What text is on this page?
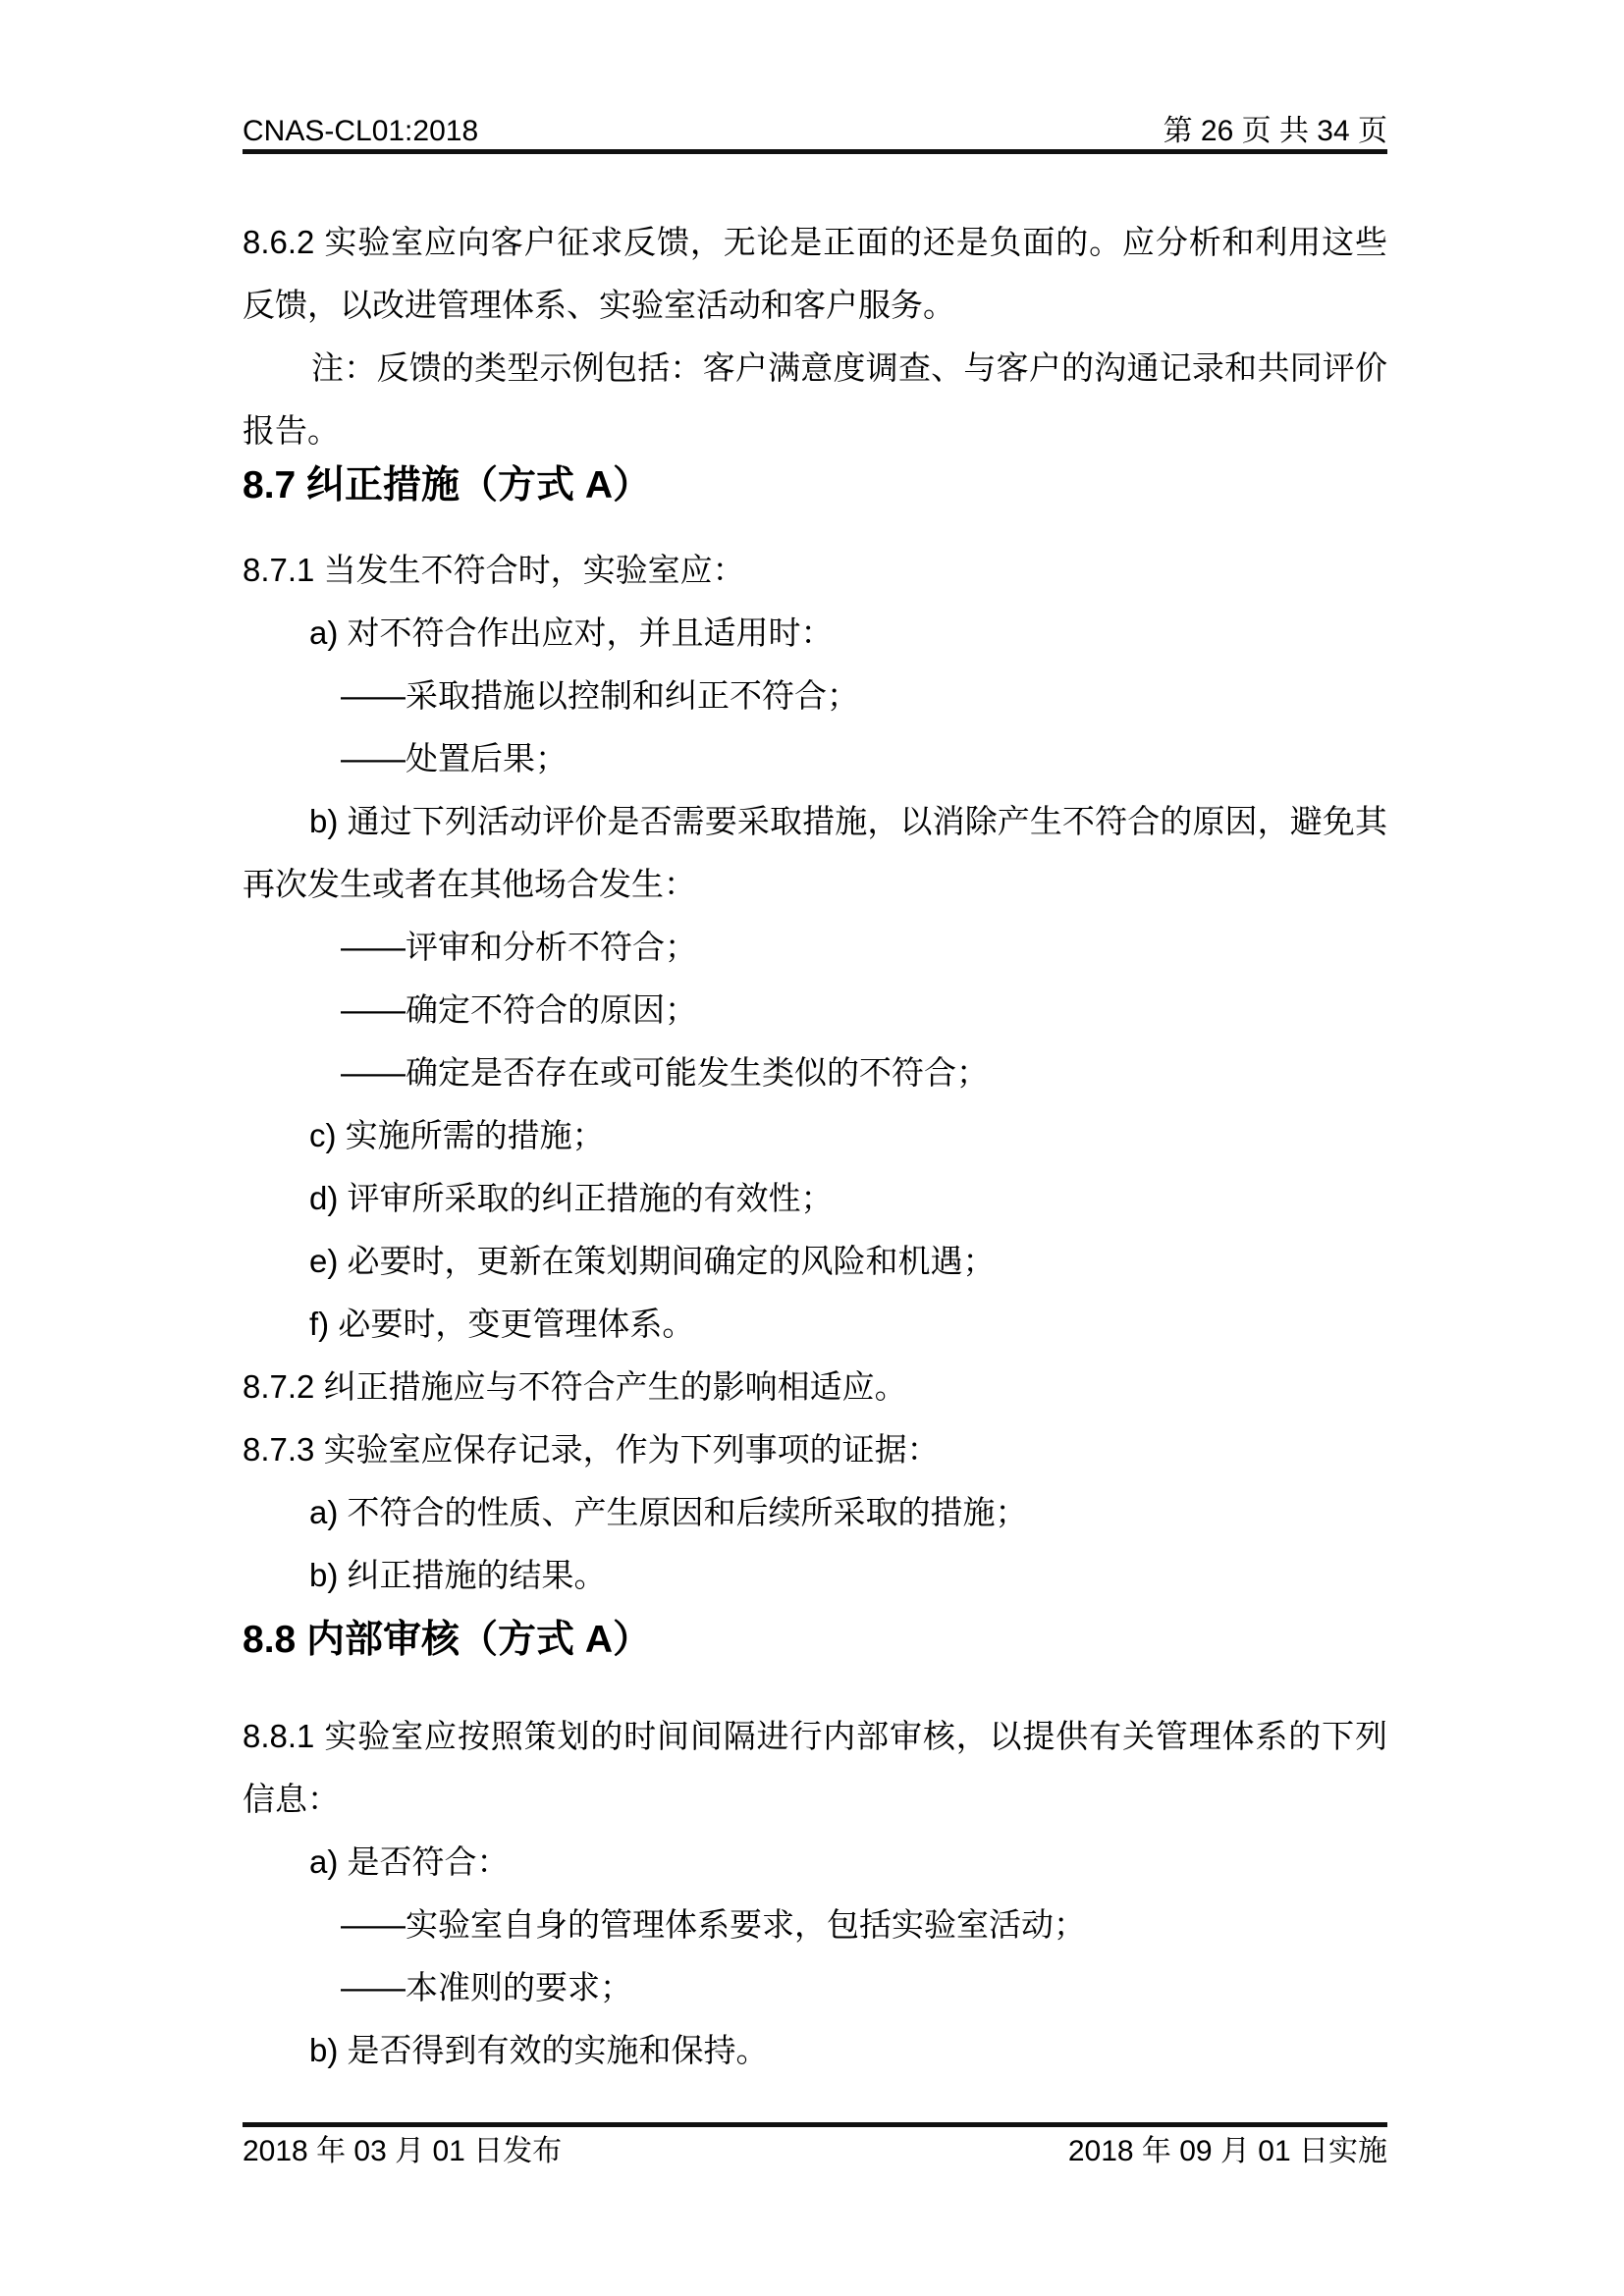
CNAS-CL01:2018	第 26 页 共 34 页

8.6.2 实验室应向客户征求反馈，无论是正面的还是负面的。应分析和利用这些反馈，以改进管理体系、实验室活动和客户服务。

注：反馈的类型示例包括：客户满意度调查、与客户的沟通记录和共同评价报告。

8.7 纠正措施（方式 A）

8.7.1 当发生不符合时，实验室应：

a) 对不符合作出应对，并且适用时：

——采取措施以控制和纠正不符合；

——处置后果；

b) 通过下列活动评价是否需要采取措施，以消除产生不符合的原因，避免其再次发生或者在其他场合发生：

——评审和分析不符合；

——确定不符合的原因；

——确定是否存在或可能发生类似的不符合；

c) 实施所需的措施；

d) 评审所采取的纠正措施的有效性；

e) 必要时，更新在策划期间确定的风险和机遇；

f) 必要时，变更管理体系。

8.7.2 纠正措施应与不符合产生的影响相适应。

8.7.3 实验室应保存记录，作为下列事项的证据：

a) 不符合的性质、产生原因和后续所采取的措施；

b) 纠正措施的结果。

8.8 内部审核（方式 A）

8.8.1 实验室应按照策划的时间间隔进行内部审核，以提供有关管理体系的下列信息：

a) 是否符合：

——实验室自身的管理体系要求，包括实验室活动；

——本准则的要求；

b) 是否得到有效的实施和保持。

2018 年 03 月 01 日发布	2018 年 09 月 01 日实施
